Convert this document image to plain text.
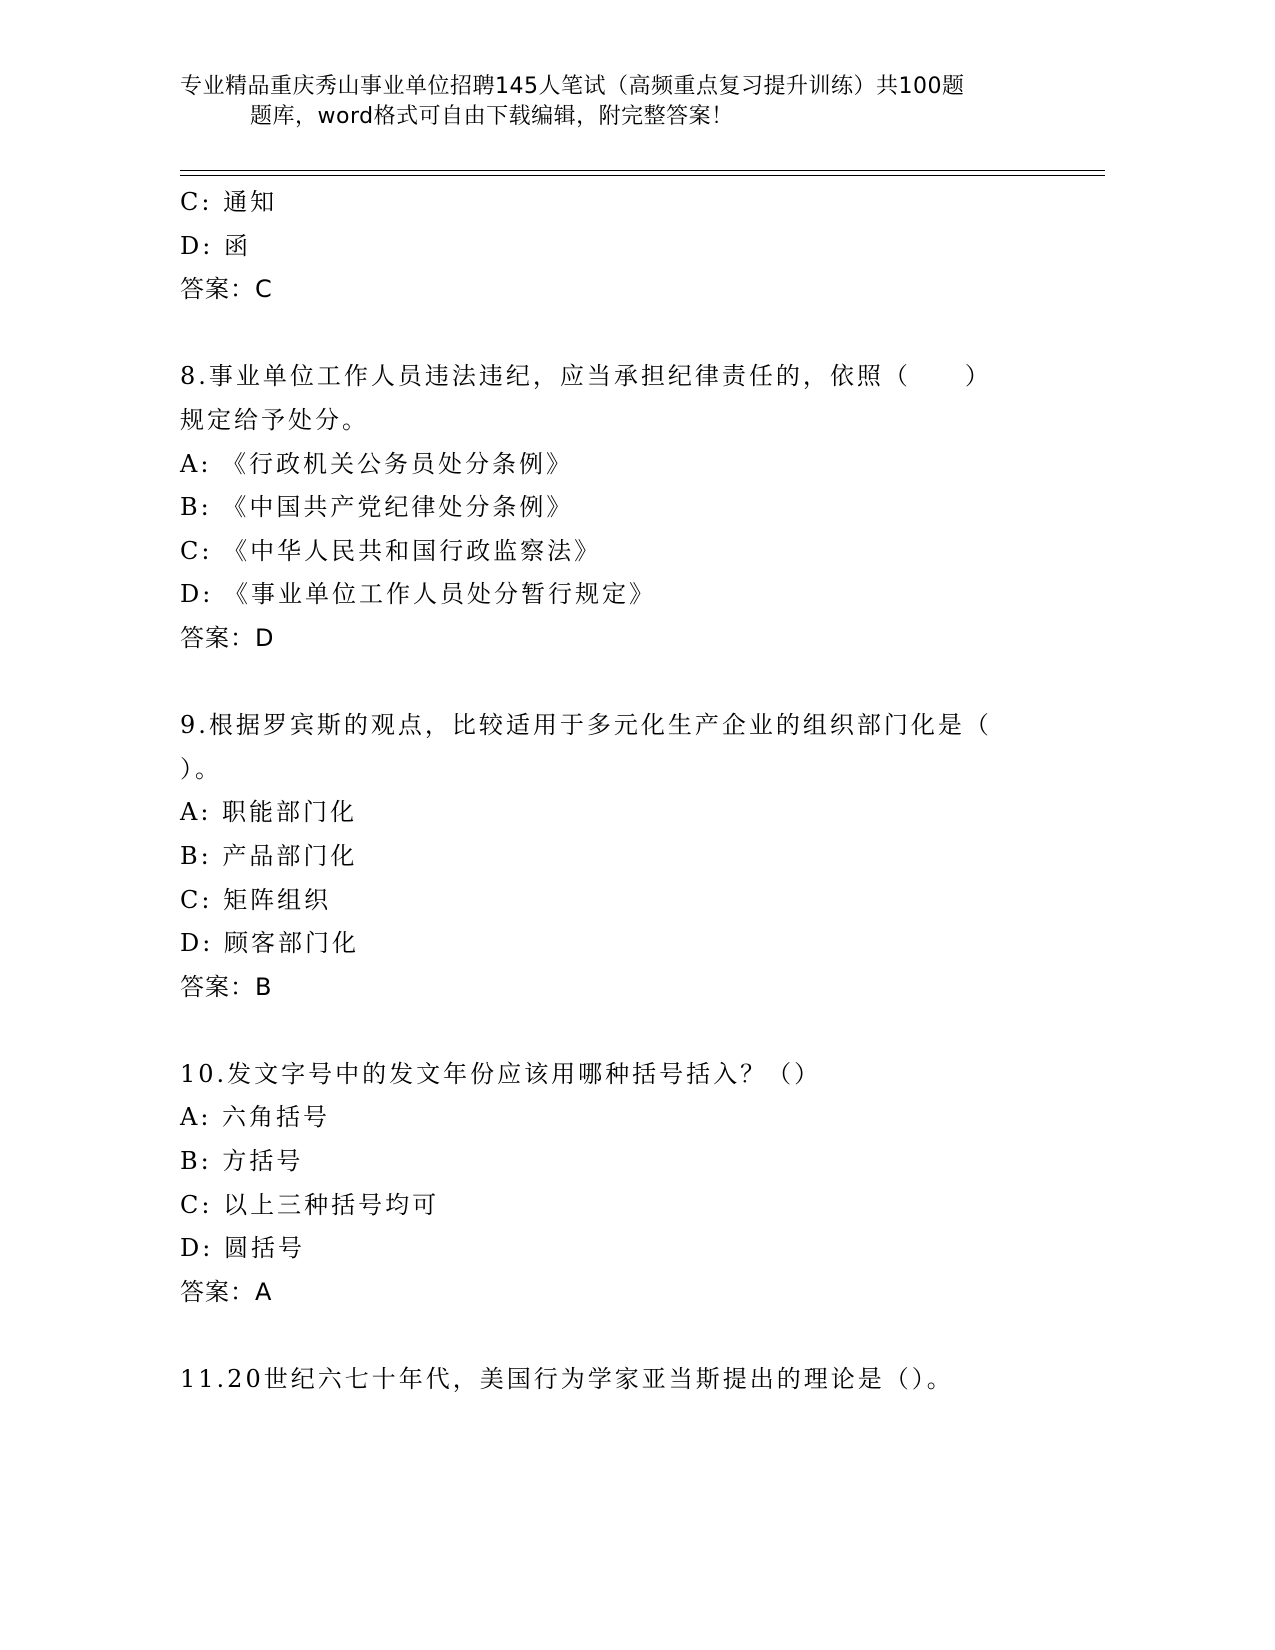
专业精品重庆秀山事业单位招聘145人笔试（高频重点复习提升训练）共100题
题库，word格式可自由下载编辑，附完整答案！
C: 通知
D: 函
答案：C
8.事业单位工作人员违法违纪，应当承担纪律责任的，依照（　　）
规定给予处分。
A: 《行政机关公务员处分条例》
B: 《中国共产党纪律处分条例》
C: 《中华人民共和国行政监察法》
D: 《事业单位工作人员处分暂行规定》
答案：D
9.根据罗宾斯的观点，比较适用于多元化生产企业的组织部门化是（
）。
A: 职能部门化
B: 产品部门化
C: 矩阵组织
D: 顾客部门化
答案：B
10.发文字号中的发文年份应该用哪种括号括入？（）
A: 六角括号
B: 方括号
C: 以上三种括号均可
D: 圆括号
答案：A
11.20世纪六七十年代，美国行为学家亚当斯提出的理论是（）。
